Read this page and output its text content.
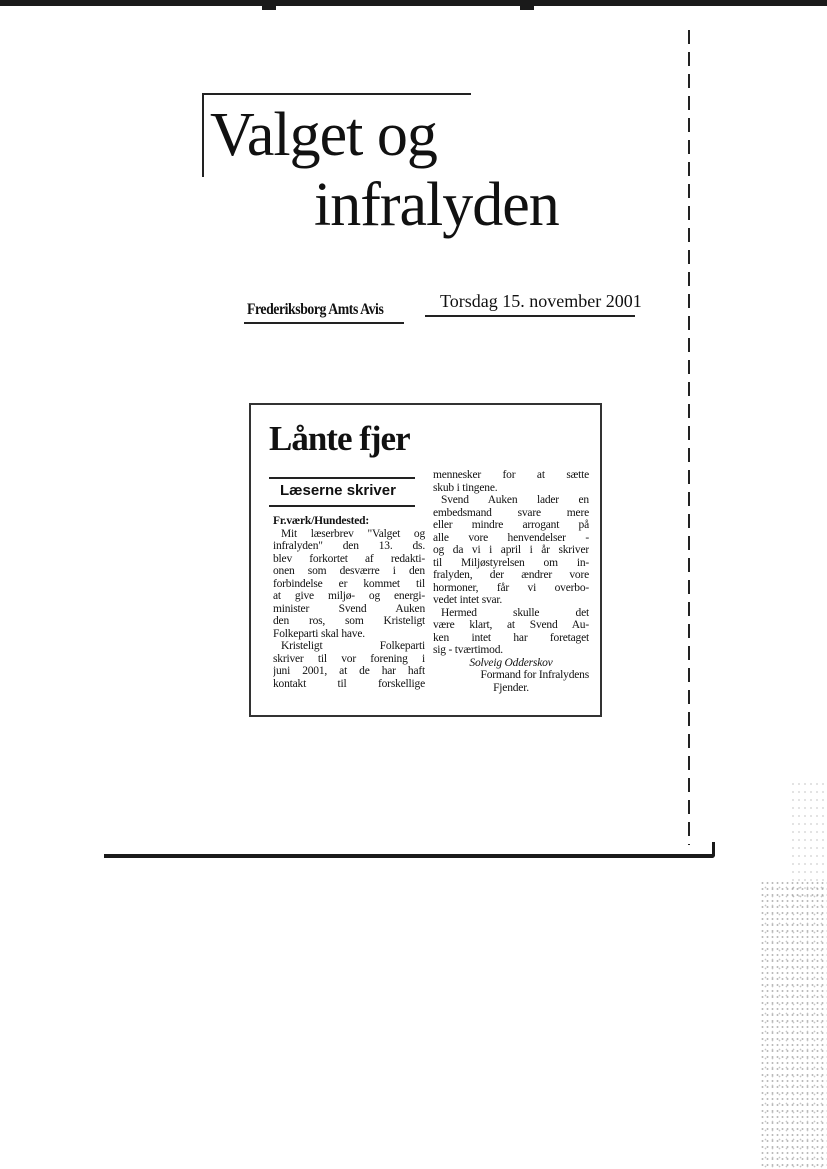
Valget og
infralyden
Frederiksborg Amts Avis	Torsdag 15. november 2001
Lånte fjer
Læserne skriver
Fr.værk/Hundested:
Mit læserbrev "Valget og
infralyden" den 13. ds.
blev forkortet af redakti-
onen som desværre i den
forbindelse er kommet til
at give miljø- og energi-
minister Svend Auken
den ros, som Kristeligt
Folkeparti skal have.
Kristeligt Folkeparti
skriver til vor forening i
juni 2001, at de har haft
kontakt til forskellige
mennesker for at sætte
skub i tingene.
Svend Auken lader en
embedsmand svare mere
eller mindre arrogant på
alle vore henvendelser -
og da vi i april i år skriver
til Miljøstyrelsen om in-
fralyden, der ændrer vore
hormoner, får vi overbo-
vedet intet svar.
Hermed skulle det
være klart, at Svend Au-
ken intet har foretaget
sig - tværtimod.
Solveig Odderskov
Formand for Infralydens
Fjender.
